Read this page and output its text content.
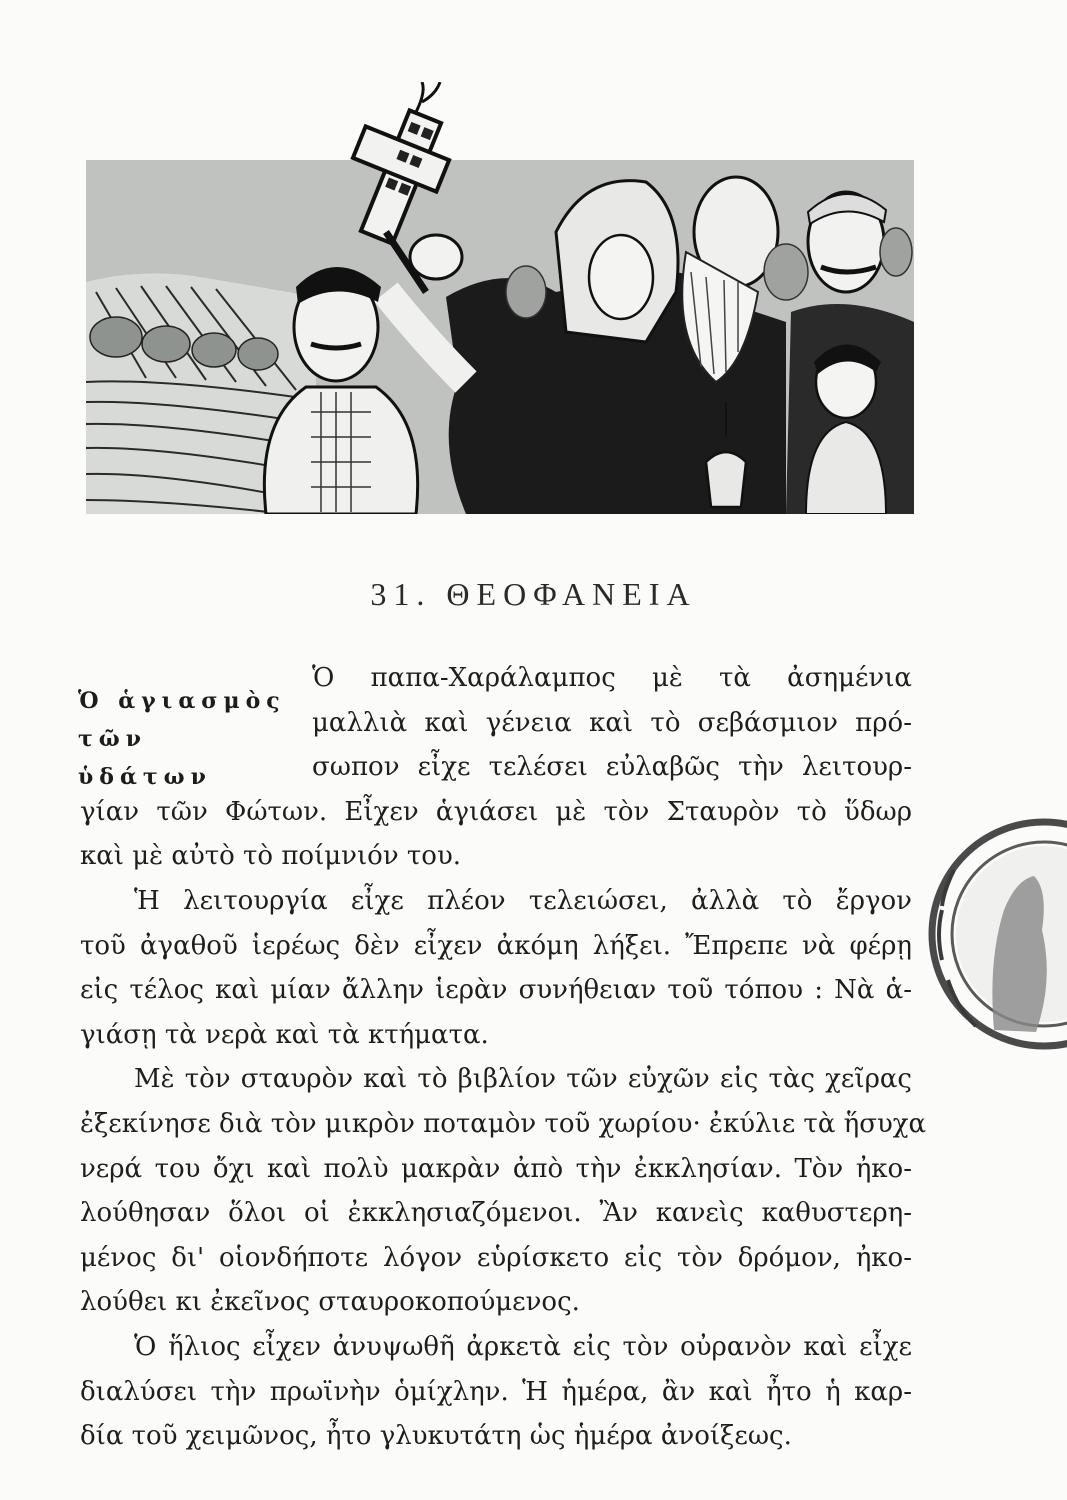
31. ΘΕΟΦΑΝΕΙΑ
Ὁ ἁγιασμὸς
τῶν ὑδάτων
Ὁ παπα-Χαράλαμπος μὲ τὰ ἀσημένια
μαλλιὰ καὶ γένεια καὶ τὸ σεβάσμιον πρό-
σωπον εἶχε τελέσει εὐλαβῶς τὴν λειτουρ-
γίαν τῶν Φώτων. Εἶχεν ἁγιάσει μὲ τὸν Σταυρὸν τὸ ὕδωρ
καὶ μὲ αὐτὸ τὸ ποίμνιόν του.
Ἡ λειτουργία εἶχε πλέον τελειώσει, ἀλλὰ τὸ ἔργον
τοῦ ἀγαθοῦ ἱερέως δὲν εἶχεν ἀκόμη λήξει. Ἔπρεπε νὰ φέρῃ
εἰς τέλος καὶ μίαν ἄλλην ἱερὰν συνήθειαν τοῦ τόπου : Νὰ ἁ-
γιάσῃ τὰ νερὰ καὶ τὰ κτήματα.
Μὲ τὸν σταυρὸν καὶ τὸ βιβλίον τῶν εὐχῶν εἰς τὰς χεῖρας
ἐξεκίνησε διὰ τὸν μικρὸν ποταμὸν τοῦ χωρίου· ἐκύλιε τὰ ἥσυχα
νερά του ὄχι καὶ πολὺ μακρὰν ἀπὸ τὴν ἐκκλησίαν. Τὸν ἠκο-
λούθησαν ὅλοι οἱ ἐκκλησιαζόμενοι. Ἂν κανεὶς καθυστερη-
μένος δι' οἱονδήποτε λόγον εὑρίσκετο εἰς τὸν δρόμον, ἠκο-
λούθει κι ἐκεῖνος σταυροκοπούμενος.
Ὁ ἥλιος εἶχεν ἀνυψωθῆ ἀρκετὰ εἰς τὸν οὐρανὸν καὶ εἶχε
διαλύσει τὴν πρωϊνὴν ὁμίχλην. Ἡ ἡμέρα, ἂν καὶ ἦτο ἡ καρ-
δία τοῦ χειμῶνος, ἦτο γλυκυτάτη ὡς ἡμέρα ἀνοίξεως.
